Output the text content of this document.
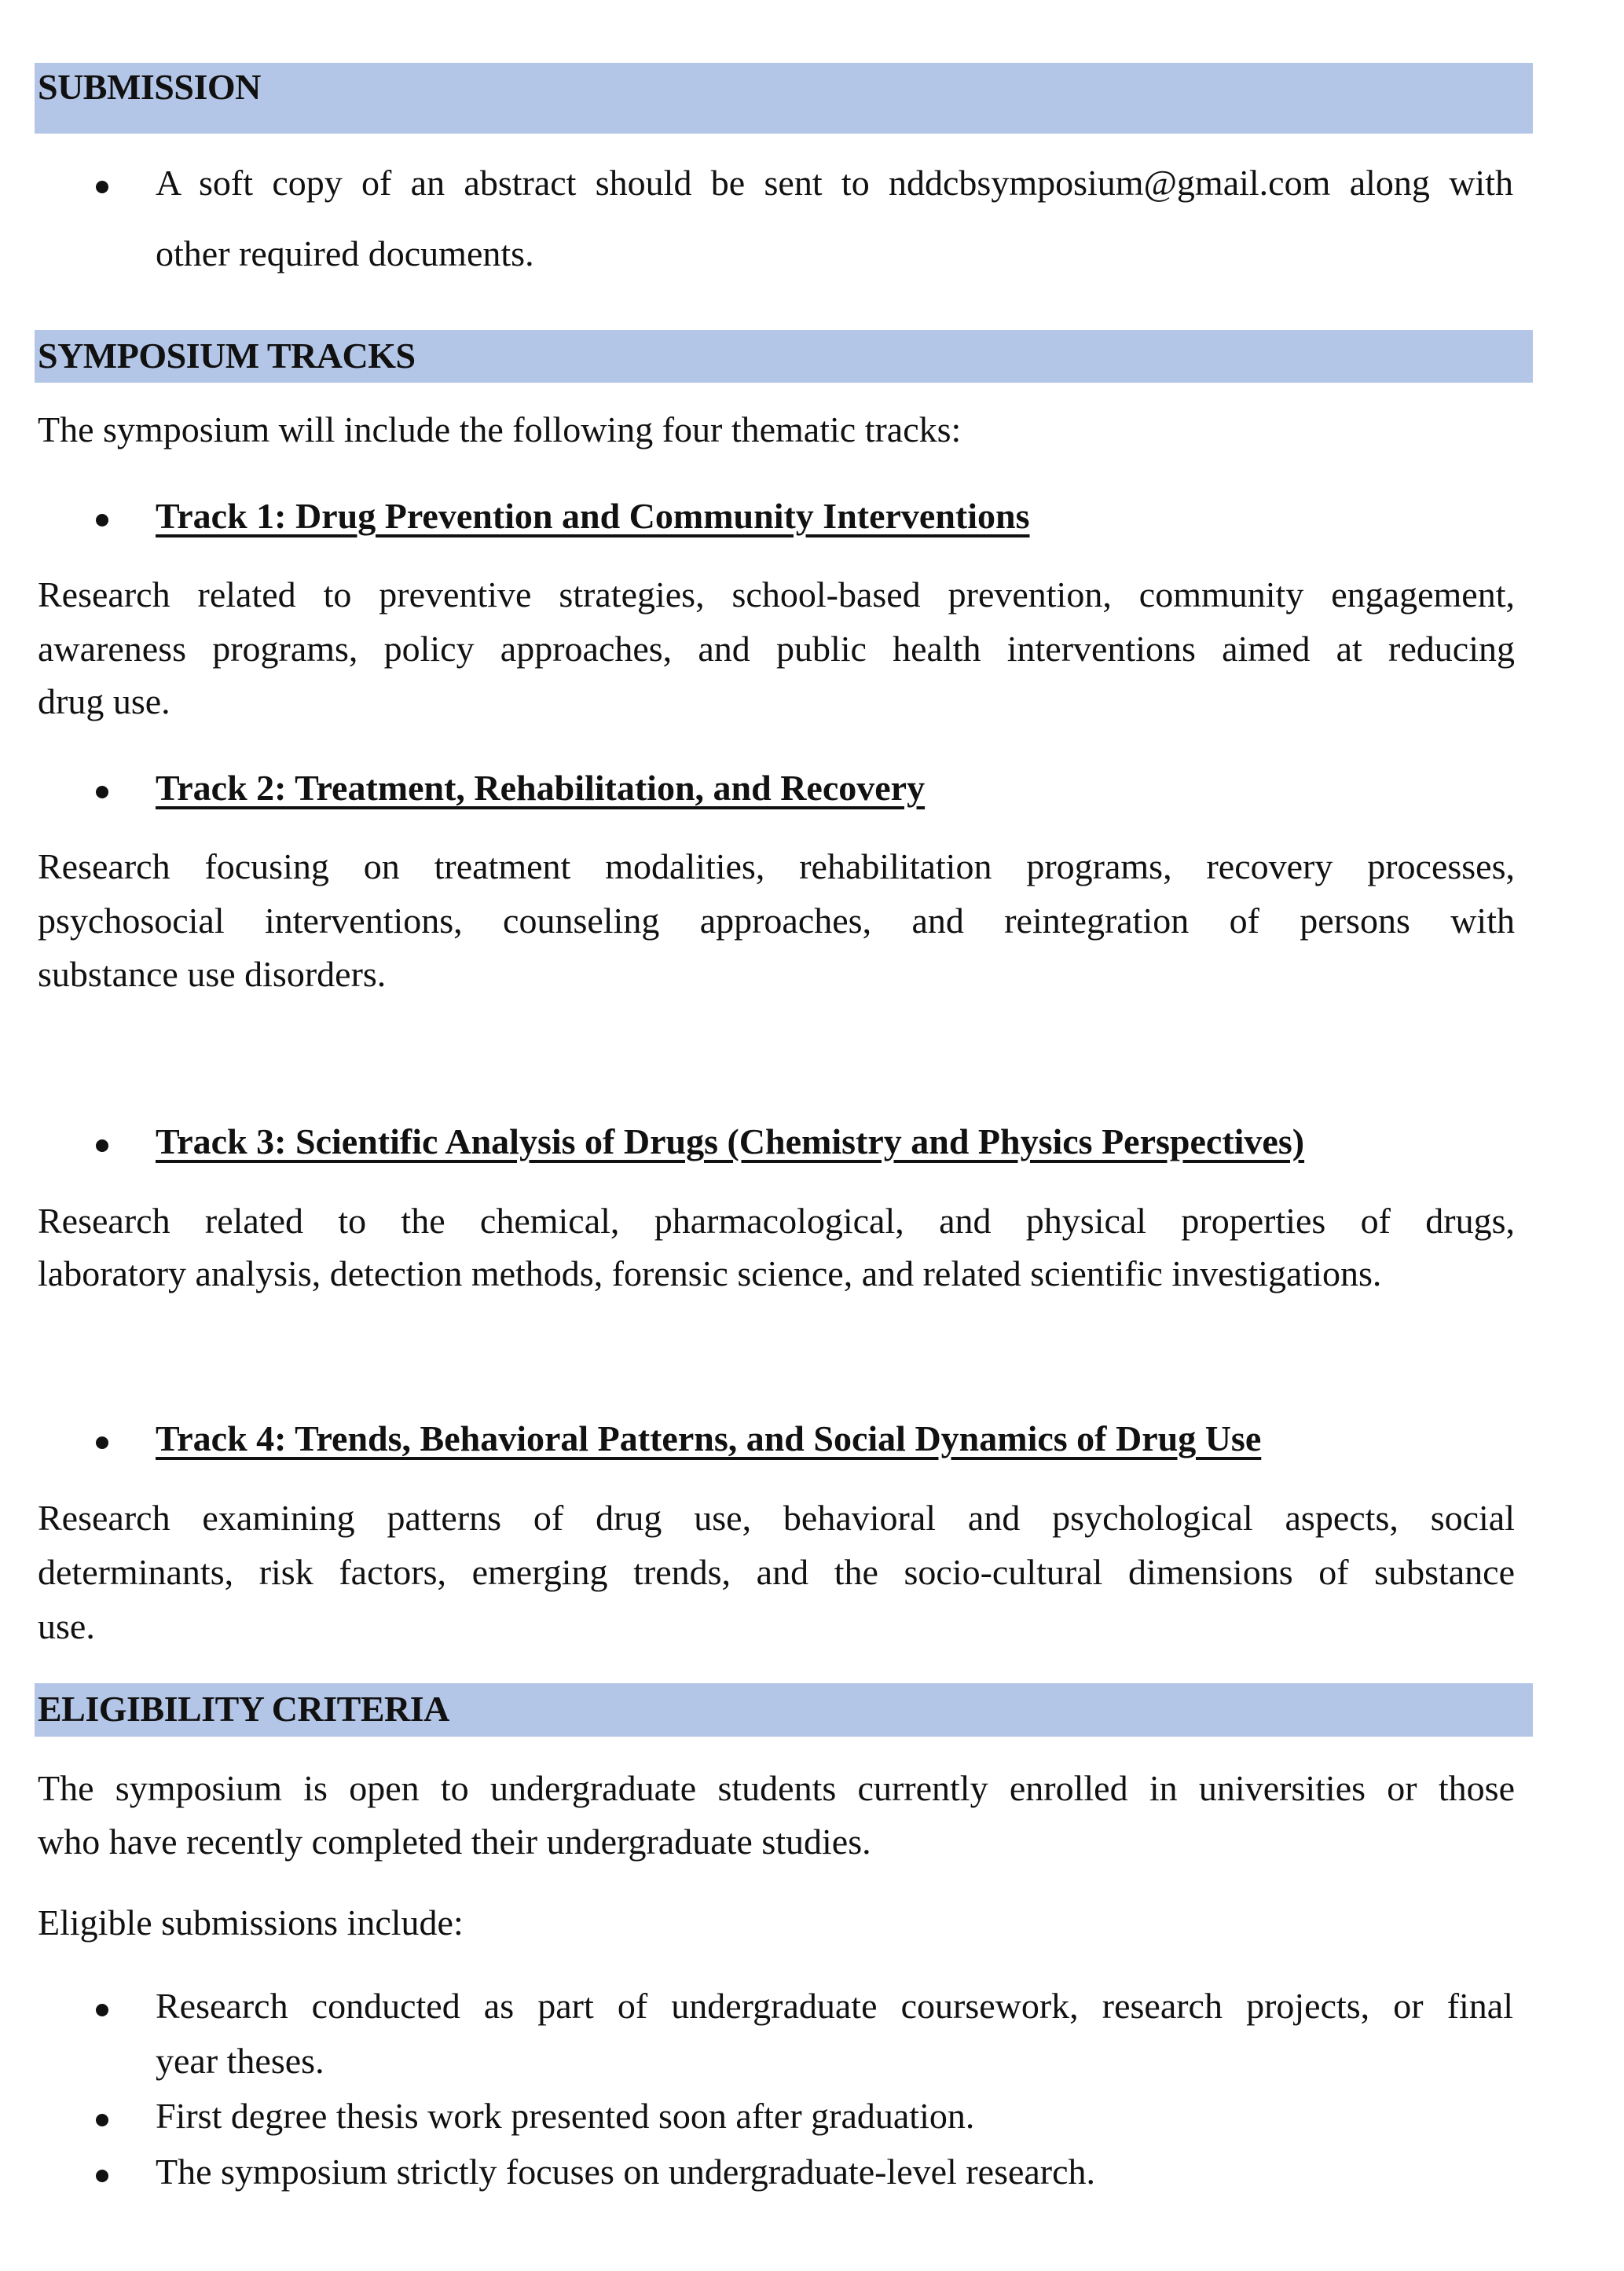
SUBMISSION
A soft copy of an abstract should be sent to nddcbsymposium@gmail.com along with
other required documents.
SYMPOSIUM TRACKS
The symposium will include the following four thematic tracks:
Track 1: Drug Prevention and Community Interventions
Research related to preventive strategies, school-based prevention, community engagement,
awareness programs, policy approaches, and public health interventions aimed at reducing
drug use.
Track 2: Treatment, Rehabilitation, and Recovery
Research focusing on treatment modalities, rehabilitation programs, recovery processes,
psychosocial interventions, counseling approaches, and reintegration of persons with
substance use disorders.
Track 3: Scientific Analysis of Drugs (Chemistry and Physics Perspectives)
Research related to the chemical, pharmacological, and physical properties of drugs,
laboratory analysis, detection methods, forensic science, and related scientific investigations.
Track 4: Trends, Behavioral Patterns, and Social Dynamics of Drug Use
Research examining patterns of drug use, behavioral and psychological aspects, social
determinants, risk factors, emerging trends, and the socio-cultural dimensions of substance
use.
ELIGIBILITY CRITERIA
The symposium is open to undergraduate students currently enrolled in universities or those
who have recently completed their undergraduate studies.
Eligible submissions include:
Research conducted as part of undergraduate coursework, research projects, or final
year theses.
First degree thesis work presented soon after graduation.
The symposium strictly focuses on undergraduate-level research.
